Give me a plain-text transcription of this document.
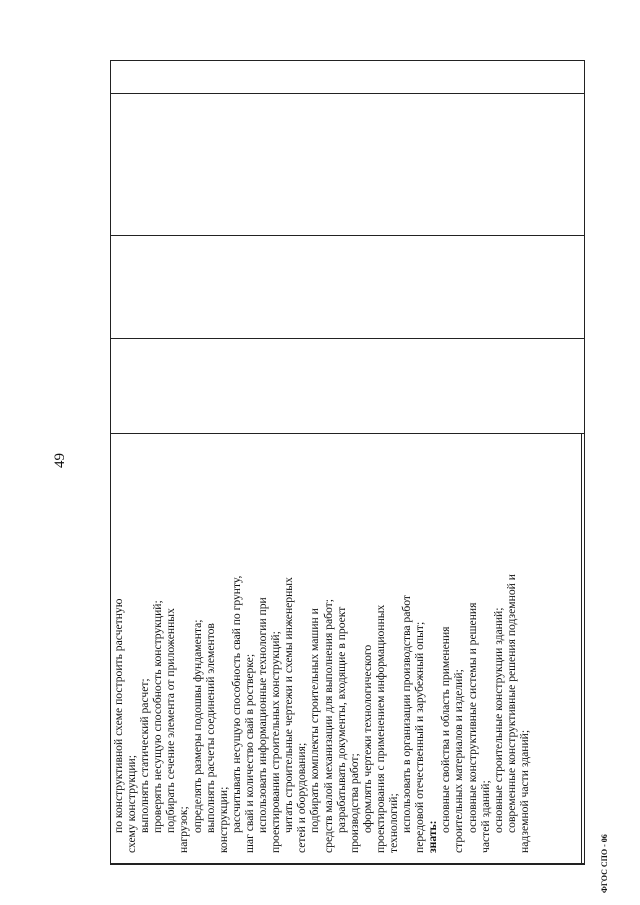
49
по конструктивной схеме построить расчетную схему конструкции; выполнять статический расчет; проверять несущую способность конструкций; подбирать сечение элемента от приложенных нагрузок; определять размеры подошвы фундамента; выполнять расчеты соединений элементов конструкции; рассчитывать несущую способность свай по грунту, шаг свай и количество свай в ростверке; использовать информационные технологии при проектировании строительных конструкций; читать строительные чертежи и схемы инженерных сетей и оборудования; подбирать комплекты строительных машин и средств малой механизации для выполнения работ; разрабатывать документы, входящие в проект производства работ; оформлять чертежи технологического проектирования с применением информационных технологий; использовать в организации производства работ передовой отечественный и зарубежный опыт; знать:
основные свойства и область применения строительных материалов и изделий; основные конструктивные системы и решения частей зданий; основные строительные конструкции зданий; современные конструктивные решения подземной и надземной части зданий;
ФГОС СПО - 06
